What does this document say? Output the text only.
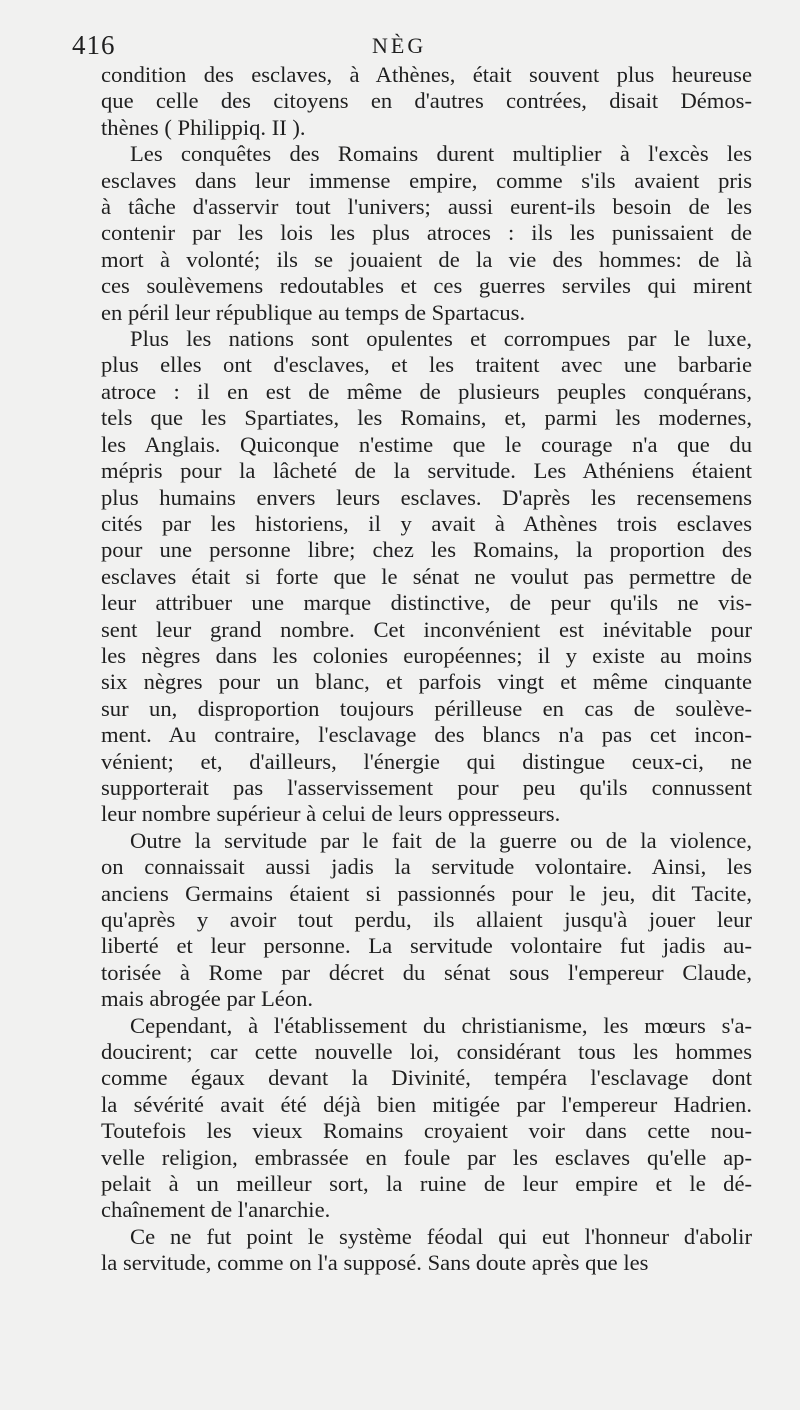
416	NÈG
condition des esclaves, à Athènes, était souvent plus heureuse
que celle des citoyens en d'autres contrées, disait Démos-
thènes ( Philippiq. II ).
Les conquêtes des Romains durent multiplier à l'excès les
esclaves dans leur immense empire, comme s'ils avaient pris
à tâche d'asservir tout l'univers; aussi eurent-ils besoin de les
contenir par les lois les plus atroces : ils les punissaient de
mort à volonté; ils se jouaient de la vie des hommes: de là
ces soulèvemens redoutables et ces guerres serviles qui mirent
en péril leur république au temps de Spartacus.
Plus les nations sont opulentes et corrompues par le luxe,
plus elles ont d'esclaves, et les traitent avec une barbarie
atroce : il en est de même de plusieurs peuples conquérans,
tels que les Spartiates, les Romains, et, parmi les modernes,
les Anglais. Quiconque n'estime que le courage n'a que du
mépris pour la lâcheté de la servitude. Les Athéniens étaient
plus humains envers leurs esclaves. D'après les recensemens
cités par les historiens, il y avait à Athènes trois esclaves
pour une personne libre; chez les Romains, la proportion des
esclaves était si forte que le sénat ne voulut pas permettre de
leur attribuer une marque distinctive, de peur qu'ils ne vis-
sent leur grand nombre. Cet inconvénient est inévitable pour
les nègres dans les colonies européennes; il y existe au moins
six nègres pour un blanc, et parfois vingt et même cinquante
sur un, disproportion toujours périlleuse en cas de soulève-
ment. Au contraire, l'esclavage des blancs n'a pas cet incon-
vénient; et, d'ailleurs, l'énergie qui distingue ceux-ci, ne
supporterait pas l'asservissement pour peu qu'ils connussent
leur nombre supérieur à celui de leurs oppresseurs.
Outre la servitude par le fait de la guerre ou de la violence,
on connaissait aussi jadis la servitude volontaire. Ainsi, les
anciens Germains étaient si passionnés pour le jeu, dit Tacite,
qu'après y avoir tout perdu, ils allaient jusqu'à jouer leur
liberté et leur personne. La servitude volontaire fut jadis au-
torisée à Rome par décret du sénat sous l'empereur Claude,
mais abrogée par Léon.
Cependant, à l'établissement du christianisme, les mœurs s'a-
doucirent; car cette nouvelle loi, considérant tous les hommes
comme égaux devant la Divinité, tempéra l'esclavage dont
la sévérité avait été déjà bien mitigée par l'empereur Hadrien.
Toutefois les vieux Romains croyaient voir dans cette nou-
velle religion, embrassée en foule par les esclaves qu'elle ap-
pelait à un meilleur sort, la ruine de leur empire et le dé-
chaînement de l'anarchie.
Ce ne fut point le système féodal qui eut l'honneur d'abolir
la servitude, comme on l'a supposé. Sans doute après que les
